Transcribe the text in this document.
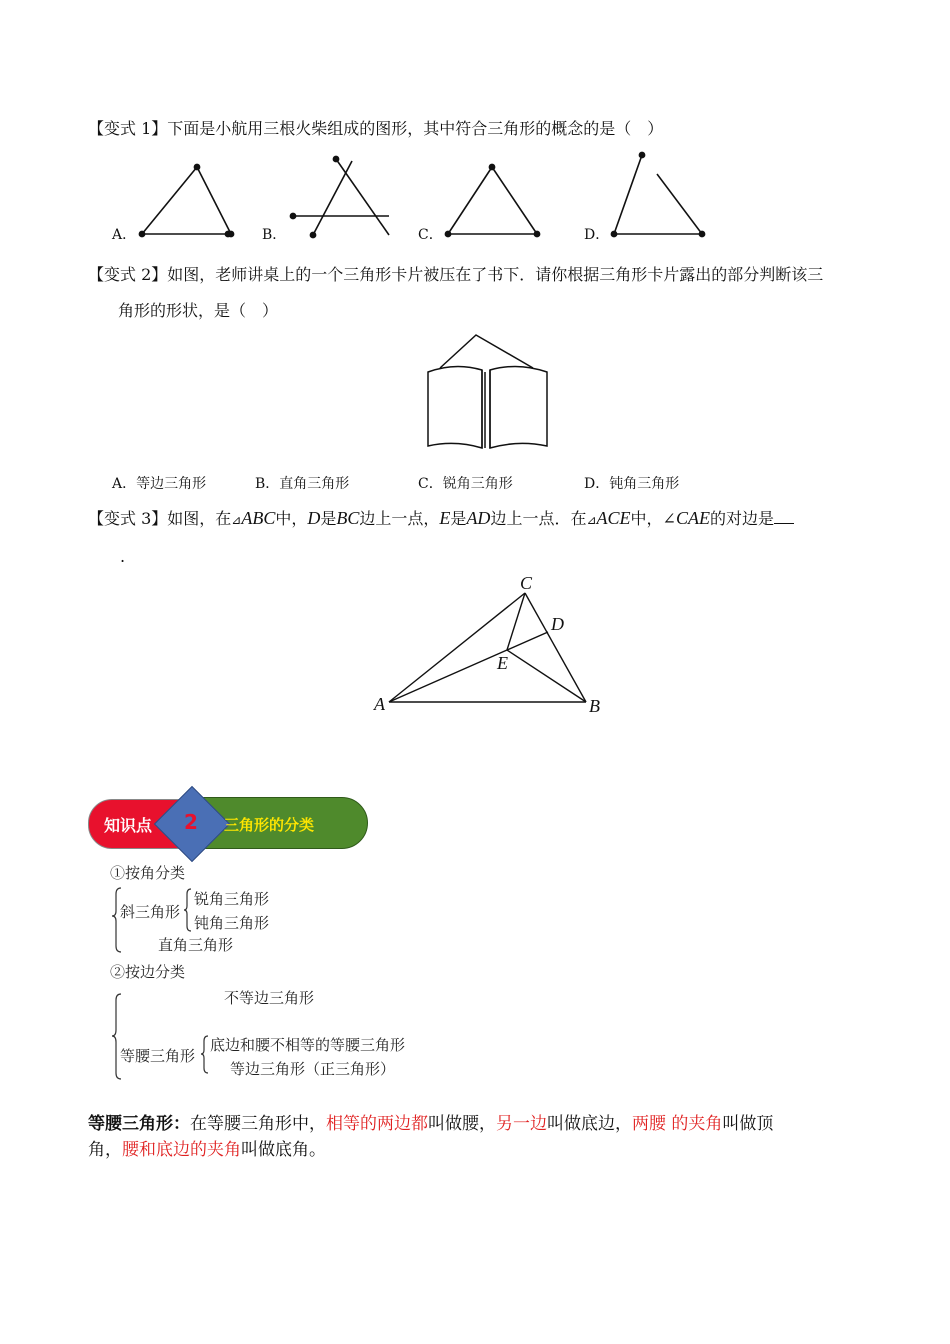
【变式 1】下面是小航用三根火柴组成的图形，其中符合三角形的概念的是（　）
A．	B．	C．	D．
【变式 2】如图，老师讲桌上的一个三角形卡片被压在了书下．请你根据三角形卡片露出的部分判断该三
角形的形状，是（　）
A．等边三角形	B．直角三角形	C．锐角三角形	D．钝角三角形
【变式 3】如图，在⊿ABC中，D是BC边上一点，E是AD边上一点．在⊿ACE中，∠CAE的对边是
.
A	B
C
D
E
知识点 2 三角形的分类
①按角分类
斜三角形
锐角三角形
钝角三角形
直角三角形
②按边分类
不等边三角形
等腰三角形
底边和腰不相等的等腰三角形
等边三角形（正三角形）
等腰三角形：在等腰三角形中，相等的两边都叫做腰，另一边叫做底边，两腰 的夹角叫做顶
角，腰和底边的夹角叫做底角。
